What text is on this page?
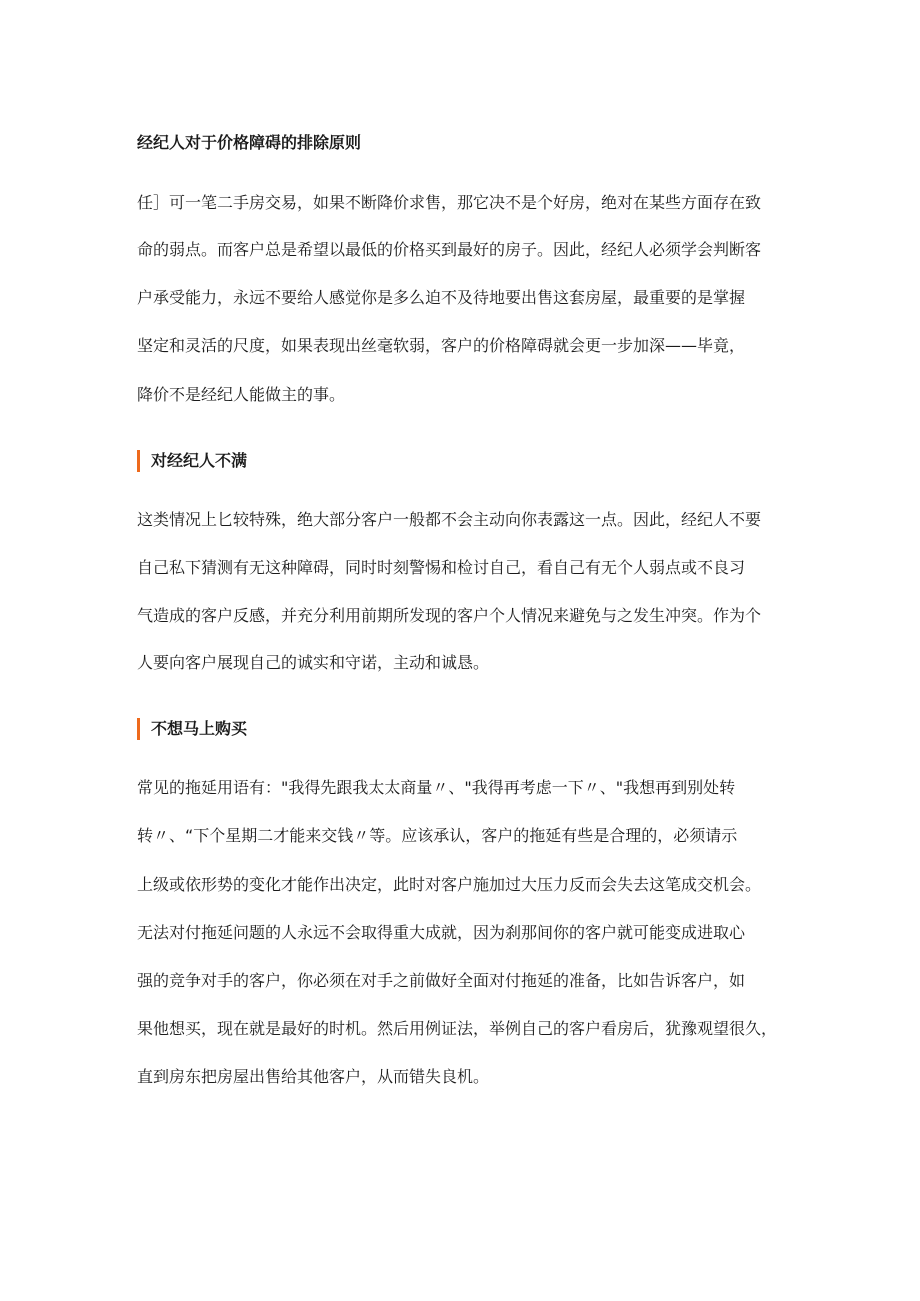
经纪人对于价格障碍的排除原则
任］可一笔二手房交易，如果不断降价求售，那它决不是个好房，绝对在某些方面存在致
命的弱点。而客户总是希望以最低的价格买到最好的房子。因此，经纪人必须学会判断客
户承受能力，永远不要给人感觉你是多么迫不及待地要出售这套房屋，最重要的是掌握
坚定和灵活的尺度，如果表现出丝毫软弱，客户的价格障碍就会更一步加深——毕竟，
降价不是经纪人能做主的事。
对经纪人不满
这类情况上匕较特殊，绝大部分客户一般都不会主动向你表露这一点。因此，经纪人不要
自己私下猜测有无这种障碍，同时时刻警惕和检讨自己，看自己有无个人弱点或不良习
气造成的客户反感，并充分利用前期所发现的客户个人情况来避免与之发生冲突。作为个
人要向客户展现自己的诚实和守诺，主动和诚恳。
不想马上购买
常见的拖延用语有："我得先跟我太太商量〃、"我得再考虑一下〃、"我想再到别处转
转〃、“下个星期二才能来交钱〃等。应该承认，客户的拖延有些是合理的，必须请示
上级或依形势的变化才能作出决定，此时对客户施加过大压力反而会失去这笔成交机会。
无法对付拖延问题的人永远不会取得重大成就，因为刹那间你的客户就可能变成进取心
强的竞争对手的客户，你必须在对手之前做好全面对付拖延的准备，比如告诉客户，如
果他想买，现在就是最好的时机。然后用例证法，举例自己的客户看房后，犹豫观望很久，
直到房东把房屋出售给其他客户，从而错失良机。
